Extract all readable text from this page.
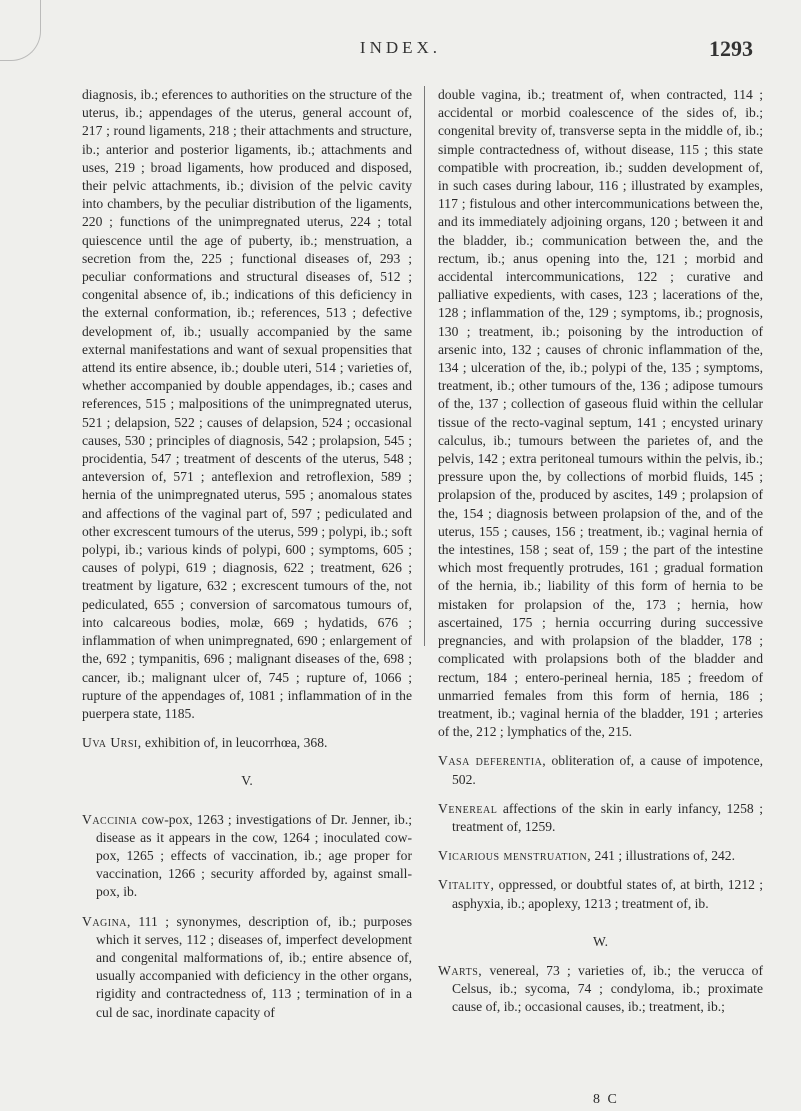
INDEX.	1293

diagnosis, ib.; eferences to authorities on the structure of the uterus, ib.; appendages of the uterus, general account of, 217 ; round ligaments, 218 ; their attachments and structure, ib.; anterior and posterior ligaments, ib.; attachments and uses, 219 ; broad ligaments, how produced and disposed, their pelvic attachments, ib.; division of the pelvic cavity into chambers, by the peculiar distribution of the ligaments, 220 ; functions of the unimpregnated uterus, 224 ; total quiescence until the age of puberty, ib.; menstruation, a secretion from the, 225 ; functional diseases of, 293 ; peculiar conformations and structural diseases of, 512 ; congenital absence of, ib.; indications of this deficiency in the external conformation, ib.; references, 513 ; defective development of, ib.; usually accompanied by the same external manifestations and want of sexual propensities that attend its entire absence, ib.; double uteri, 514 ; varieties of, whether accompanied by double appendages, ib.; cases and references, 515 ; malpositions of the unimpregnated uterus, 521 ; delapsion, 522 ; causes of delapsion, 524 ; occasional causes, 530 ; principles of diagnosis, 542 ; prolapsion, 545 ; procidentia, 547 ; treatment of descents of the uterus, 548 ; anteversion of, 571 ; anteflexion and retroflexion, 589 ; hernia of the unimpregnated uterus, 595 ; anomalous states and affections of the vaginal part of, 597 ; pediculated and other excrescent tumours of the uterus, 599 ; polypi, ib.; soft polypi, ib.; various kinds of polypi, 600 ; symptoms, 605 ; causes of polypi, 619 ; diagnosis, 622 ; treatment, 626 ; treatment by ligature, 632 ; excrescent tumours of the, not pediculated, 655 ; conversion of sarcomatous tumours of, into calcareous bodies, molæ, 669 ; hydatids, 676 ; inflammation of when unimpregnated, 690 ; enlargement of the, 692 ; tympanitis, 696 ; malignant diseases of the, 698 ; cancer, ib.; malignant ulcer of, 745 ; rupture of, 1066 ; rupture of the appendages of, 1081 ; inflammation of in the puerpera state, 1185.

Uva Ursi, exhibition of, in leucorrhœa, 368.

V.

Vaccinia cow-pox, 1263 ; investigations of Dr. Jenner, ib.; disease as it appears in the cow, 1264 ; inoculated cow-pox, 1265 ; effects of vaccination, ib.; age proper for vaccination, 1266 ; security afforded by, against small-pox, ib.

Vagina, 111 ; synonymes, description of, ib.; purposes which it serves, 112 ; diseases of, imperfect development and congenital malformations of, ib.; entire absence of, usually accompanied with deficiency in the other organs, rigidity and contractedness of, 113 ; termination of in a cul de sac, inordinate capacity of

double vagina, ib.; treatment of, when contracted, 114 ; accidental or morbid coalescence of the sides of, ib.; congenital brevity of, transverse septa in the middle of, ib.; simple contractedness of, without disease, 115 ; this state compatible with procreation, ib.; sudden development of, in such cases during labour, 116 ; illustrated by examples, 117 ; fistulous and other intercommunications between the, and its immediately adjoining organs, 120 ; between it and the bladder, ib.; communication between the, and the rectum, ib.; anus opening into the, 121 ; morbid and accidental intercommunications, 122 ; curative and palliative expedients, with cases, 123 ; lacerations of the, 128 ; inflammation of the, 129 ; symptoms, ib.; prognosis, 130 ; treatment, ib.; poisoning by the introduction of arsenic into, 132 ; causes of chronic inflammation of the, 134 ; ulceration of the, ib.; polypi of the, 135 ; symptoms, treatment, ib.; other tumours of the, 136 ; adipose tumours of the, 137 ; collection of gaseous fluid within the cellular tissue of the recto-vaginal septum, 141 ; encysted urinary calculus, ib.; tumours between the parietes of, and the pelvis, 142 ; extra peritoneal tumours within the pelvis, ib.; pressure upon the, by collections of morbid fluids, 145 ; prolapsion of the, produced by ascites, 149 ; prolapsion of the, 154 ; diagnosis between prolapsion of the, and of the uterus, 155 ; causes, 156 ; treatment, ib.; vaginal hernia of the intestines, 158 ; seat of, 159 ; the part of the intestine which most frequently protrudes, 161 ; gradual formation of the hernia, ib.; liability of this form of hernia to be mistaken for prolapsion of the, 173 ; hernia, how ascertained, 175 ; hernia occurring during successive pregnancies, and with prolapsion of the bladder, 178 ; complicated with prolapsions both of the bladder and rectum, 184 ; entero-perineal hernia, 185 ; freedom of unmarried females from this form of hernia, 186 ; treatment, ib.; vaginal hernia of the bladder, 191 ; arteries of the, 212 ; lymphatics of the, 215.

Vasa deferentia, obliteration of, a cause of impotence, 502.

Venereal affections of the skin in early infancy, 1258 ; treatment of, 1259.

Vicarious menstruation, 241 ; illustrations of, 242.

Vitality, oppressed, or doubtful states of, at birth, 1212 ; asphyxia, ib.; apoplexy, 1213 ; treatment of, ib.

W.

Warts, venereal, 73 ; varieties of, ib.; the verucca of Celsus, ib.; sycoma, 74 ; condyloma, ib.; proximate cause of, ib.; occasional causes, ib.; treatment, ib.;

8 C
